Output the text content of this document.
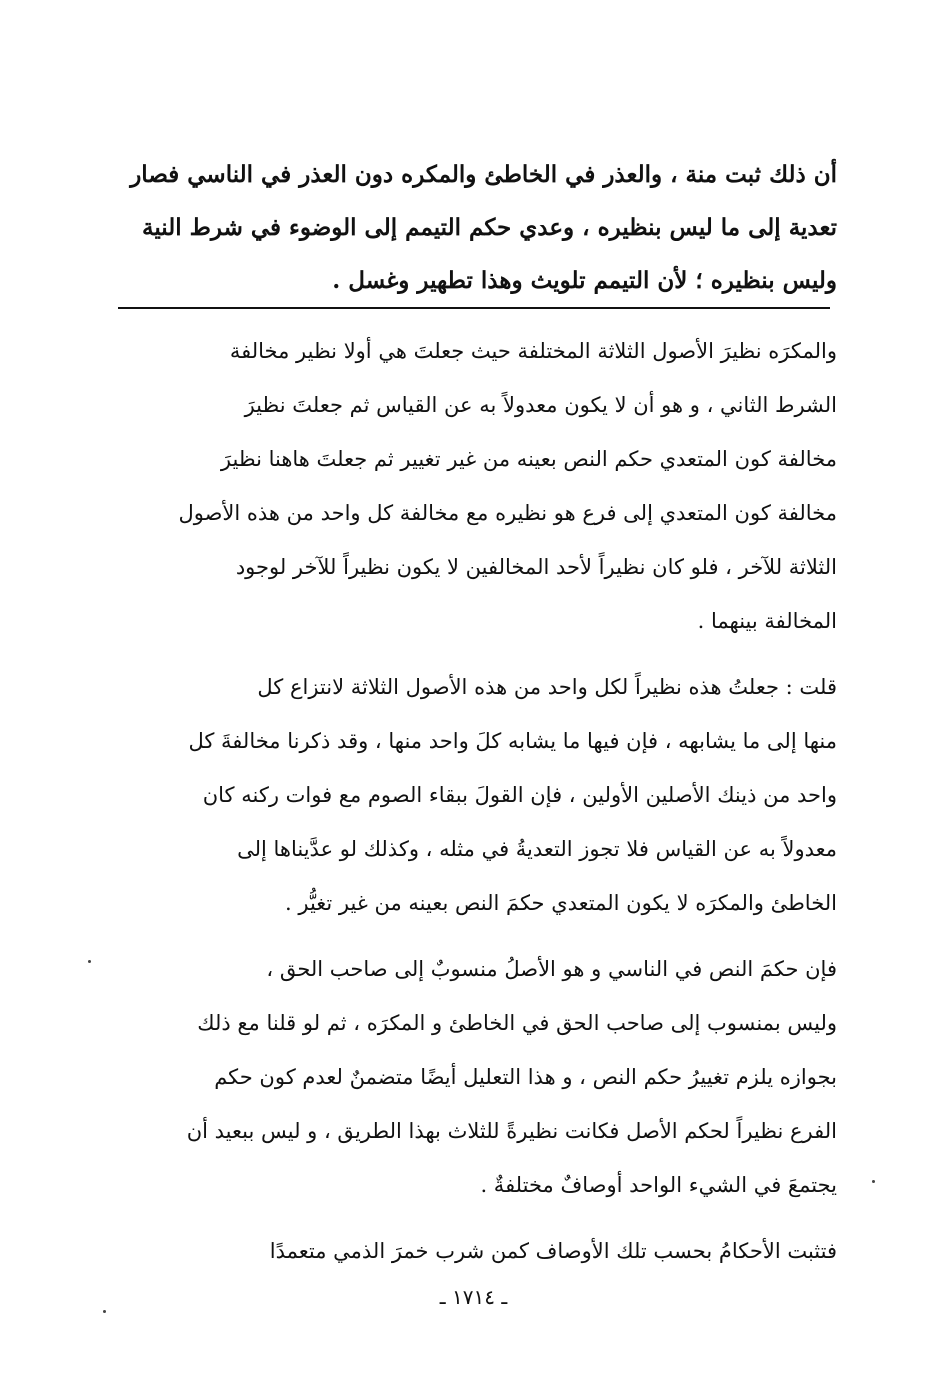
أن ذلك ثبت منة ، والعذر في الخاطئ والمكره دون العذر في الناسي فصار
تعدية إلى ما ليس بنظيره ، وعدي حكم التيمم إلى الوضوء في شرط النية
وليس بنظيره ؛ لأن التيمم تلويث وهذا تطهير وغسل .
والمكرَه نظيرَ الأصول الثلاثة المختلفة حيث جعلتَ هي أولا نظير مخالفة
الشرط الثاني ، و هو أن لا يكون معدولاً به عن القياس ثم جعلتَ نظيرَ
مخالفة كون المتعدي حكم النص بعينه من غير تغيير ثم جعلتَ هاهنا نظيرَ
مخالفة كون المتعدي إلى فرع هو نظيره مع مخالفة كل واحد من هذه الأصول
الثلاثة للآخر ، فلو كان نظيراً لأحد المخالفين لا يكون نظيراً للآخر لوجود
المخالفة بينهما .
قلت : جعلتُ هذه نظيراً لكل واحد من هذه الأصول الثلاثة لانتزاع كل
منها إلى ما يشابهه ، فإن فيها ما يشابه كلَ واحد منها ، وقد ذكرنا مخالفةَ كل
واحد من ذينك الأصلين الأولين ، فإن القولَ ببقاء الصوم مع فوات ركنه كان
معدولاً به عن القياس فلا تجوز التعديةُ في مثله ، وكذلك لو عدَّيناها إلى
الخاطئ والمكرَه لا يكون المتعدي حكمَ النص بعينه من غير تغيُّر .
فإن حكمَ النص في الناسي و هو الأصلُ منسوبٌ إلى صاحب الحق ،
وليس بمنسوب إلى صاحب الحق في الخاطئ و المكرَه ، ثم لو قلنا مع ذلك
بجوازه يلزم تغييرُ حكم النص ، و هذا التعليل أيضًا متضمنٌ لعدم كون حكم
الفرع نظيراً لحكم الأصل فكانت نظيرةً للثلاث بهذا الطريق ، و ليس ببعيد أن
يجتمعَ في الشيء الواحد أوصافٌ مختلفةٌ .
فتثبت الأحكامُ بحسب تلك الأوصاف كمن شرب خمرَ الذمي متعمدًا
ـ ١٧١٤ ـ
